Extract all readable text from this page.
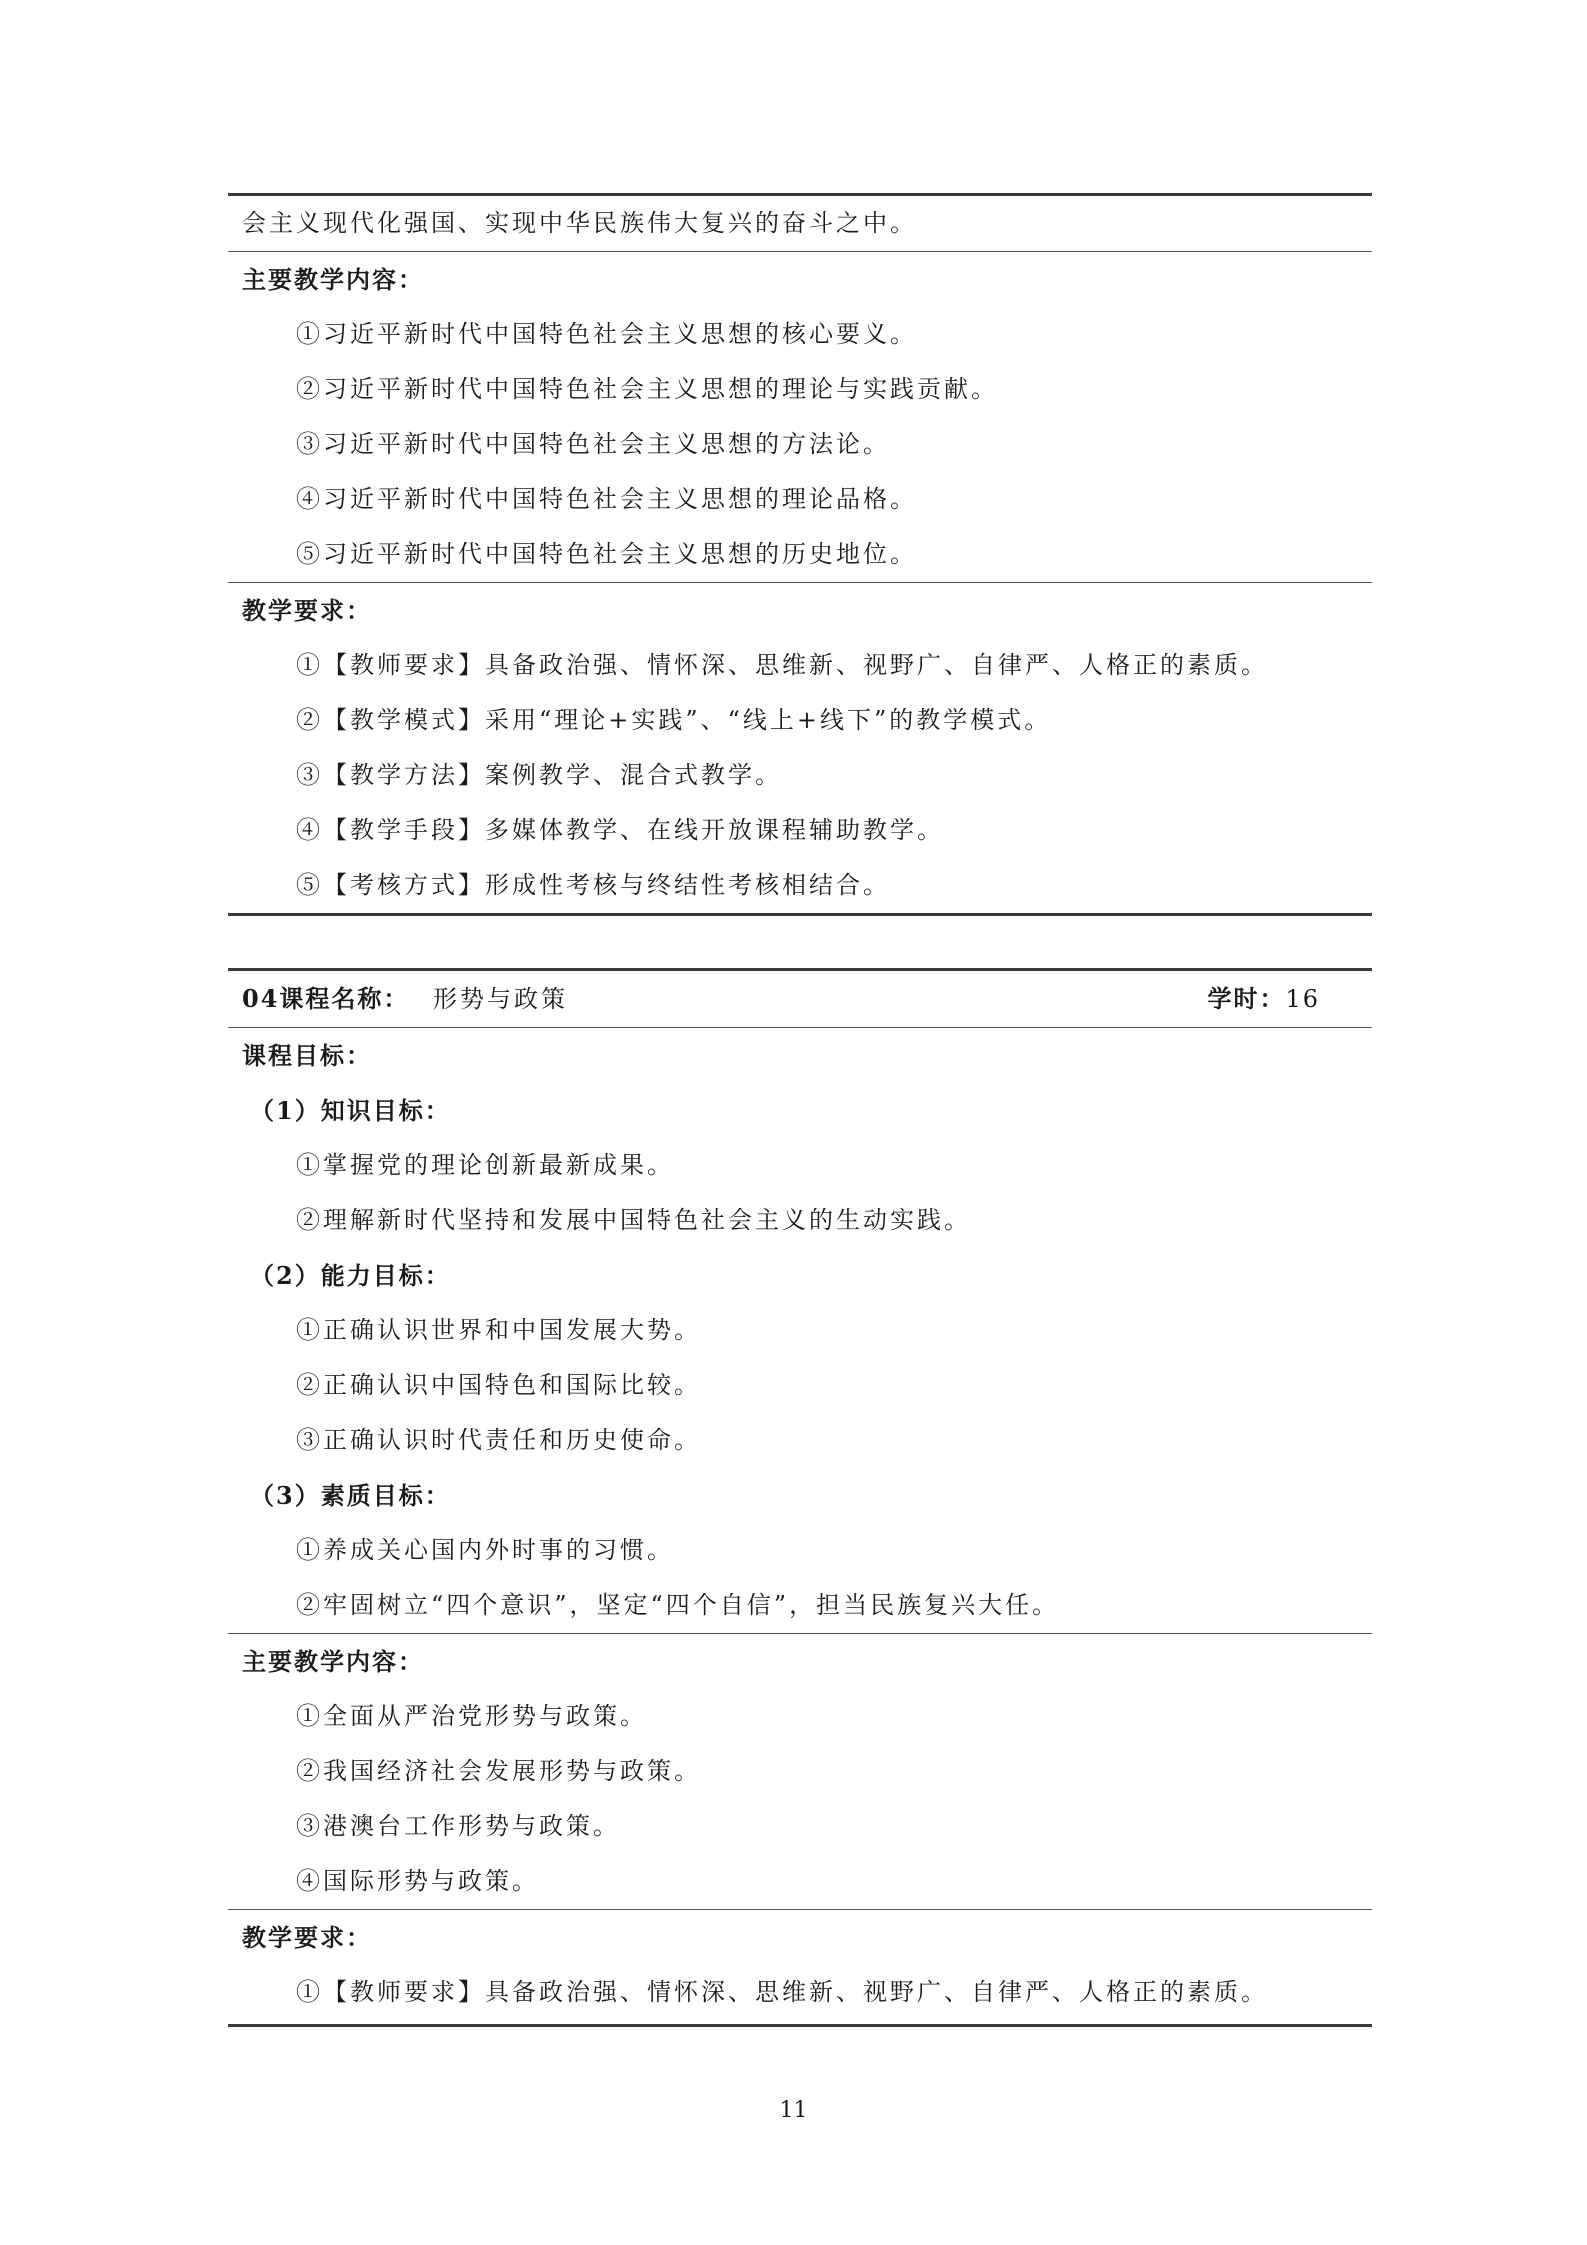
会主义现代化强国、实现中华民族伟大复兴的奋斗之中。
主要教学内容：
①习近平新时代中国特色社会主义思想的核心要义。
②习近平新时代中国特色社会主义思想的理论与实践贡献。
③习近平新时代中国特色社会主义思想的方法论。
④习近平新时代中国特色社会主义思想的理论品格。
⑤习近平新时代中国特色社会主义思想的历史地位。
教学要求：
①【教师要求】具备政治强、情怀深、思维新、视野广、自律严、人格正的素质。
②【教学模式】采用“理论+实践”、“线上+线下”的教学模式。
③【教学方法】案例教学、混合式教学。
④【教学手段】多媒体教学、在线开放课程辅助教学。
⑤【考核方式】形成性考核与终结性考核相结合。
04课程名称： 形势与政策	学时：16
课程目标：
（1）知识目标：
①掌握党的理论创新最新成果。
②理解新时代坚持和发展中国特色社会主义的生动实践。
（2）能力目标：
①正确认识世界和中国发展大势。
②正确认识中国特色和国际比较。
③正确认识时代责任和历史使命。
（3）素质目标：
①养成关心国内外时事的习惯。
②牢固树立“四个意识”，坚定“四个自信”，担当民族复兴大任。
主要教学内容：
①全面从严治党形势与政策。
②我国经济社会发展形势与政策。
③港澳台工作形势与政策。
④国际形势与政策。
教学要求：
①【教师要求】具备政治强、情怀深、思维新、视野广、自律严、人格正的素质。
11
